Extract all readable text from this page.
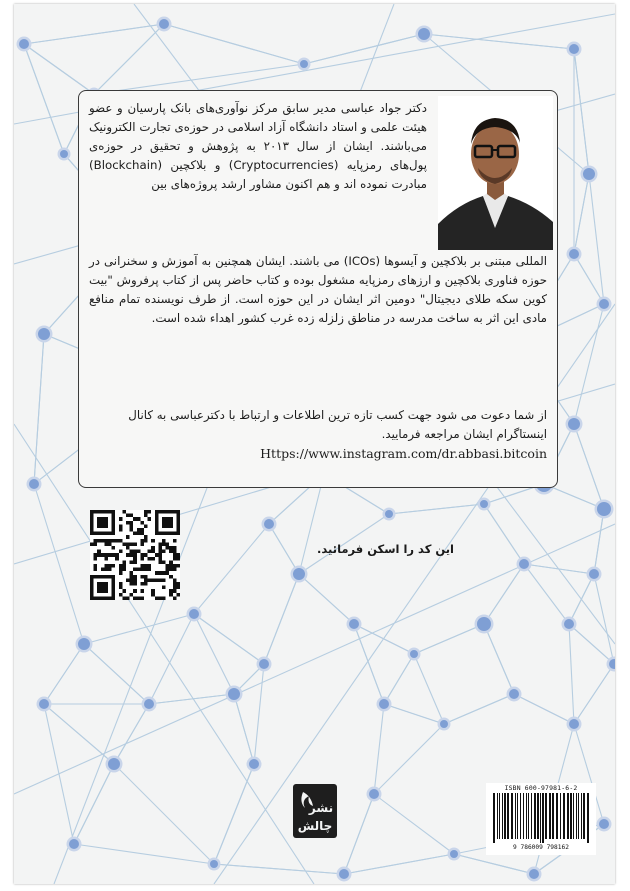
دکتر جواد عباسی مدیر سابق مرکز نوآوری‌های بانک پارسیان و عضو هیئت علمی و استاد دانشگاه آزاد اسلامی در حوزه‌ی تجارت الکترونیک می‌باشند. ایشان از سال ۲۰۱۳ به پژوهش و تحقیق در حوزه‌ی پول‌های رمزپایه (Cryptocurrencies) و بلاکچین (Blockchain) مبادرت نموده اند و هم اکنون مشاور ارشد پروژه‌های بین
المللی مبتنی بر بلاکچین و آیسوها (ICOs) می باشند. ایشان همچنین به آموزش و سخنرانی در حوزه فناوری بلاکچین و ارزهای رمزپایه مشغول بوده و کتاب حاضر پس از کتاب پرفروش "بیت کوین سکه طلای دیجیتال" دومین اثر ایشان در این حوزه است. از طرف نویسنده تمام منافع مادی این اثر به ساخت مدرسه در مناطق زلزله زده غرب کشور اهداء شده است.
از شما دعوت می شود جهت کسب تازه ترین اطلاعات و ارتباط با دکترعباسی به کانال اینستاگرام ایشان مراجعه فرمایید.
Https://www.instagram.com/dr.abbasi.bitcoin
این کد را اسکن فرمائید.
نشر
چالش
ISBN 600-97981-6-2
9 786009 798162
